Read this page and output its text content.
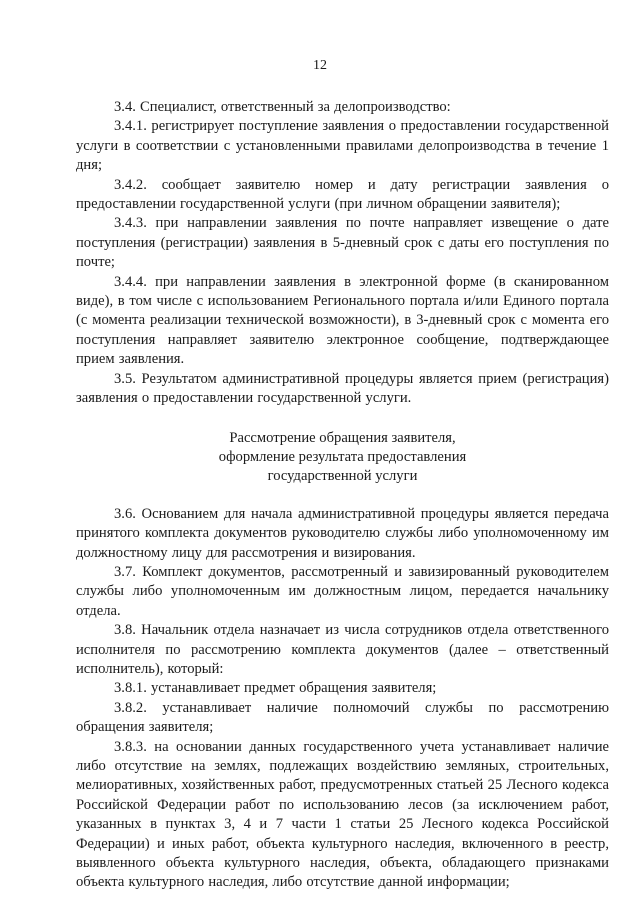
12

3.4. Специалист, ответственный за делопроизводство:

3.4.1. регистрирует поступление заявления о предоставлении государственной услуги в соответствии с установленными правилами делопроизводства в течение 1 дня;

3.4.2. сообщает заявителю номер и дату регистрации заявления о предоставлении государственной услуги (при личном обращении заявителя);

3.4.3. при направлении заявления по почте направляет извещение о дате поступления (регистрации) заявления в 5-дневный срок с даты его поступления по почте;

3.4.4. при направлении заявления в электронной форме (в сканированном виде), в том числе с использованием Регионального портала и/или Единого портала (с момента реализации технической возможности), в 3-дневный срок с момента его поступления направляет заявителю электронное сообщение, подтверждающее прием заявления.

3.5. Результатом административной процедуры является прием (регистрация) заявления о предоставлении государственной услуги.

Рассмотрение обращения заявителя,
оформление результата предоставления
государственной услуги

3.6. Основанием для начала административной процедуры является передача принятого комплекта документов руководителю службы либо уполномоченному им должностному лицу для рассмотрения и визирования.

3.7. Комплект документов, рассмотренный и завизированный руководителем службы либо уполномоченным им должностным лицом, передается начальнику отдела.

3.8. Начальник отдела назначает из числа сотрудников отдела ответственного исполнителя по рассмотрению комплекта документов (далее – ответственный исполнитель), который:

3.8.1. устанавливает предмет обращения заявителя;

3.8.2. устанавливает наличие полномочий службы по рассмотрению обращения заявителя;

3.8.3. на основании данных государственного учета устанавливает наличие либо отсутствие на землях, подлежащих воздействию земляных, строительных, мелиоративных, хозяйственных работ, предусмотренных статьей 25 Лесного кодекса Российской Федерации работ по использованию лесов (за исключением работ, указанных в пунктах 3, 4 и 7 части 1 статьи 25 Лесного кодекса Российской Федерации) и иных работ, объекта культурного наследия, включенного в реестр, выявленного объекта культурного наследия, объекта, обладающего признаками объекта культурного наследия, либо отсутствие данной информации;
